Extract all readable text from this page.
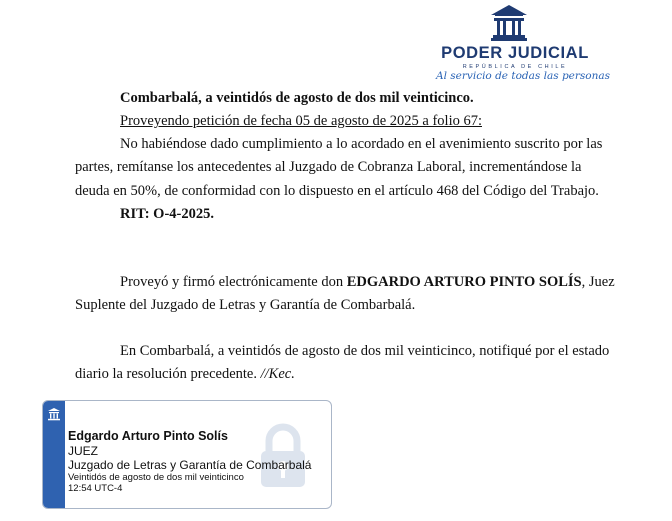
PODER JUDICIAL
REPÚBLICA DE CHILE
Al servicio de todas las personas
Combarbalá, a veintidós de agosto de dos mil veinticinco.
Proveyendo petición de fecha 05 de agosto de 2025 a folio 67:
No habiéndose dado cumplimiento a lo acordado en el avenimiento suscrito por las
partes, remítanse los antecedentes al Juzgado de Cobranza Laboral, incrementándose la
deuda en 50%, de conformidad con lo dispuesto en el artículo 468 del Código del Trabajo.
RIT: O-4-2025.
Proveyó y firmó electrónicamente don EDGARDO ARTURO PINTO SOLÍS, Juez
Suplente del Juzgado de Letras y Garantía de Combarbalá.
En Combarbalá, a veintidós de agosto de dos mil veinticinco, notifiqué por el estado
diario la resolución precedente. //Kec.
Edgardo Arturo Pinto Solís
JUEZ
Juzgado de Letras y Garantía de Combarbalá
Veintidós de agosto de dos mil veinticinco
12:54 UTC-4
